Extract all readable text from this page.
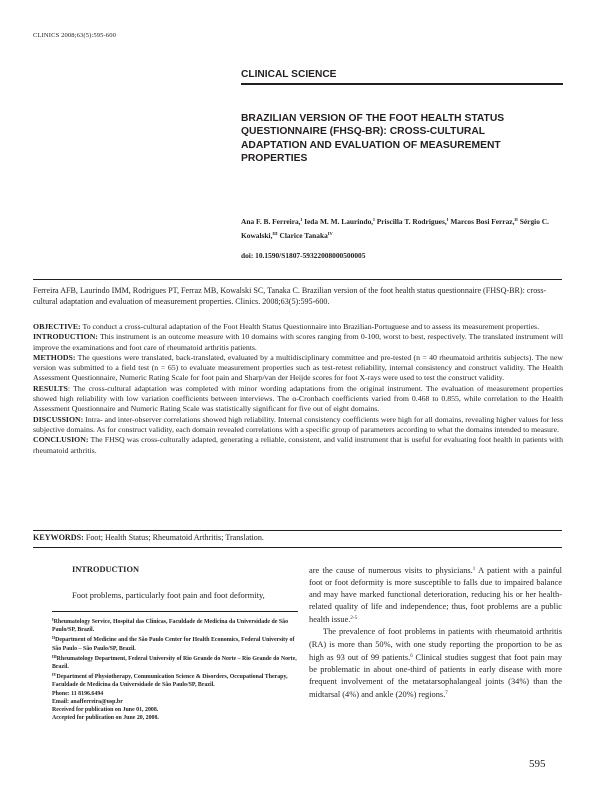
CLINICS 2008;63(5):595-600
CLINICAL SCIENCE
BRAZILIAN VERSION OF THE FOOT HEALTH STATUS
QUESTIONNAIRE (FHSQ-BR): CROSS-CULTURAL
ADAPTATION AND EVALUATION OF MEASUREMENT
PROPERTIES
Ana F. B. Ferreira,$^I$ Ieda M. M. Laurindo,$^I$ Priscilla T. Rodrigues,$^I$ Marcos Bosi Ferraz,$^{II}$ Sérgio C. Kowalski,$^{III}$ Clarice Tanaka$^{IV}$
doi: 10.1590/S1807-59322008000500005
Ferreira AFB, Laurindo IMM, Rodrigues PT, Ferraz MB, Kowalski SC, Tanaka C. Brazilian version of the foot health status questionnaire (FHSQ-BR): cross-cultural adaptation and evaluation of measurement properties. Clinics. 2008;63(5):595-600.

OBJECTIVE: To conduct a cross-cultural adaptation of the Foot Health Status Questionnaire into Brazilian-Portuguese and to assess its measurement properties.

INTRODUCTION: This instrument is an outcome measure with 10 domains with scores ranging from 0-100, worst to best, respectively. The translated instrument will improve the examinations and foot care of rheumatoid arthritis patients.

METHODS: The questions were translated, back-translated, evaluated by a multidisciplinary committee and pre-tested (n = 40 rheumatoid arthritis subjects). The new version was submitted to a field test (n = 65) to evaluate measurement properties such as test-retest reliability, internal consistency and construct validity. The Health Assessment Questionnaire, Numeric Rating Scale for foot pain and Sharp/van der Heijde scores for foot X-rays were used to test the construct validity.

RESULTS: The cross-cultural adaptation was completed with minor wording adaptations from the original instrument. The evaluation of measurement properties showed high reliability with low variation coefficients between interviews. The α-Cronbach coefficients varied from 0.468 to 0.855, while correlation to the Health Assessment Questionnaire and Numeric Rating Scale was statistically significant for five out of eight domains.

DISCUSSION: Intra- and inter-observer correlations showed high reliability. Internal consistency coefficients were high for all domains, revealing higher values for less subjective domains. As for construct validity, each domain revealed correlations with a specific group of parameters according to what the domains intended to measure.

CONCLUSION: The FHSQ was cross-culturally adapted, generating a reliable, consistent, and valid instrument that is useful for evaluating foot health in patients with rheumatoid arthritis.

KEYWORDS: Foot; Health Status; Rheumatoid Arthritis; Translation.
INTRODUCTION
Foot problems, particularly foot pain and foot deformity,

$^I$Rheumatology Service, Hospital das Clínicas, Faculdade de Medicina da Universidade de São Paulo/SP, Brazil.

$^{II}$Department of Medicine and the São Paulo Center for Health Economics, Federal University of São Paulo – São Paulo/SP, Brazil.

$^{III}$Rheumatology Department, Federal University of Rio Grande do Norte – Rio Grande do Norte, Brazil.

$^{IV}$Department of Physiotherapy, Communication Science & Disorders, Occupational Therapy, Faculdade de Medicina da Universidade de São Paulo/SP, Brazil.

Phone: 11 8196.6494

Email: anafferreira@usp.br

Received for publication on June 01, 2008.

Accepted for publication on June 20, 2008.

are the cause of numerous visits to physicians.$^1$ A patient with a painful foot or foot deformity is more susceptible to falls due to impaired balance and may have marked functional deterioration, reducing his or her health-related quality of life and independence; thus, foot problems are a public health issue.$^{2-5}$

The prevalence of foot problems in patients with rheumatoid arthritis (RA) is more than 50%, with one study reporting the proportion to be as high as 93 out of 99 patients.$^6$ Clinical studies suggest that foot pain may be problematic in about one-third of patients in early disease with more frequent involvement of the metatarsophalangeal joints (34%) than the midtarsal (4%) and ankle (20%) regions.$^7$

595
